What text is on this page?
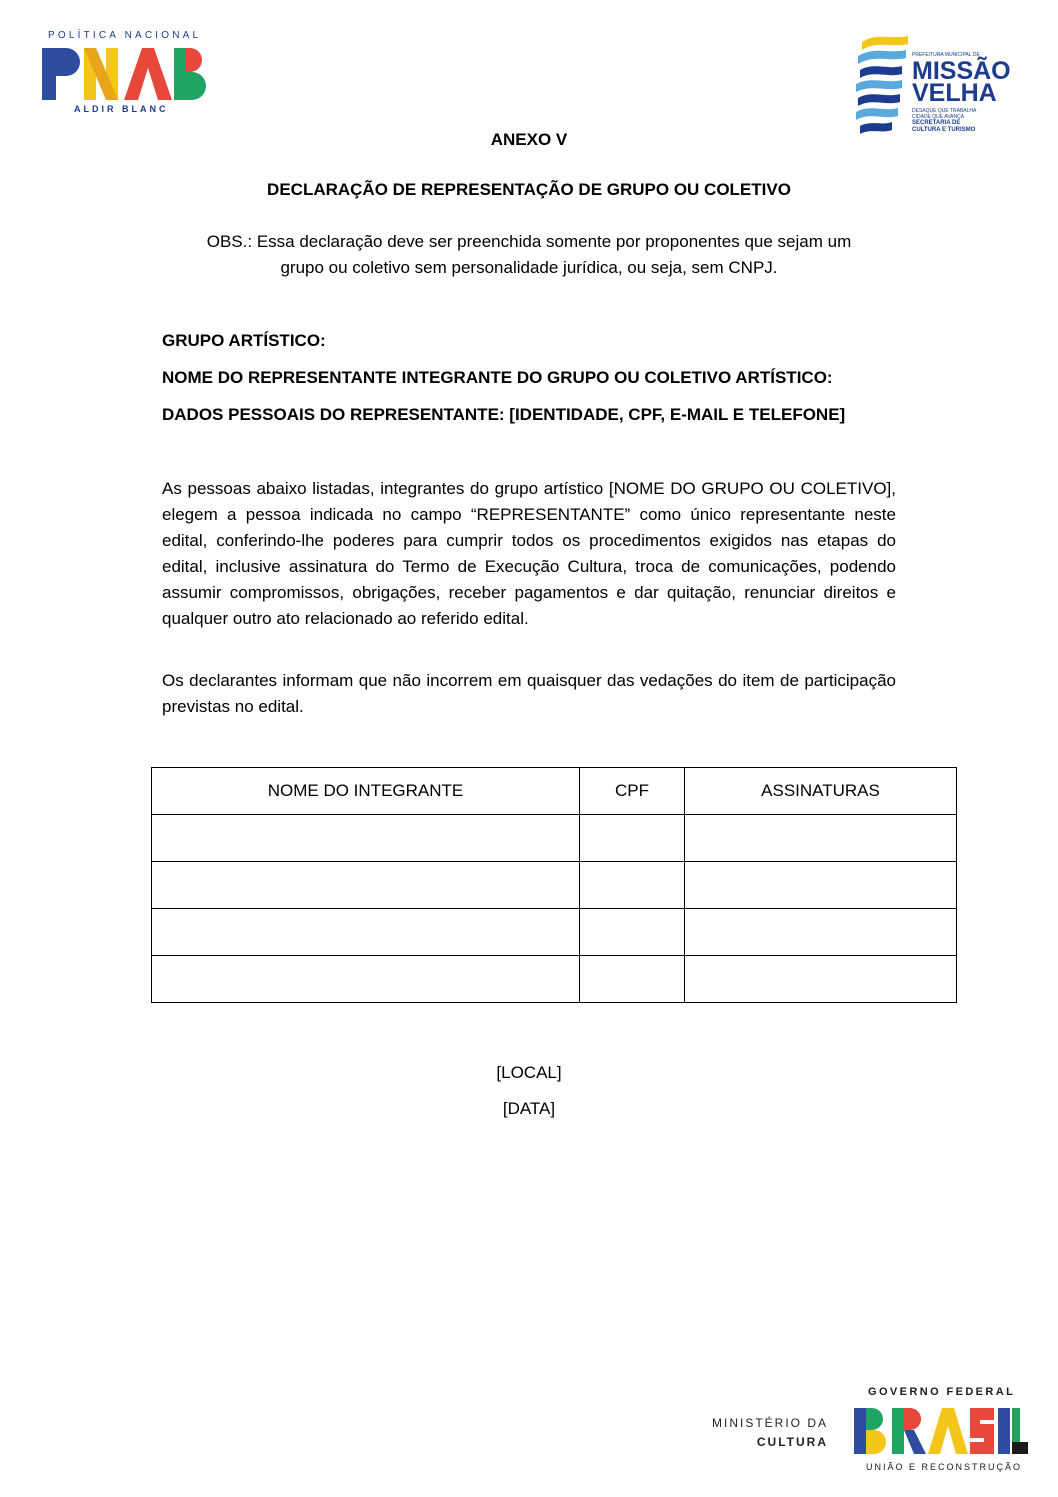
POLÍTICA NACIONAL
ALDIR BLANC
PREFEITURA MUNICIPAL DE
MISSÃO
VELHA
DESAQUE QUE TRABALHA
CIDADE QUE AVANÇA
SECRETARIA DE
CULTURA E TURISMO
ANEXO V
DECLARAÇÃO DE REPRESENTAÇÃO DE GRUPO OU COLETIVO
OBS.: Essa declaração deve ser preenchida somente por proponentes que sejam um
grupo ou coletivo sem personalidade jurídica, ou seja, sem CNPJ.
GRUPO ARTÍSTICO:
NOME DO REPRESENTANTE INTEGRANTE DO GRUPO OU COLETIVO ARTÍSTICO:
DADOS PESSOAIS DO REPRESENTANTE: [IDENTIDADE, CPF, E-MAIL E TELEFONE]
As pessoas abaixo listadas, integrantes do grupo artístico [NOME DO GRUPO OU COLETIVO], elegem a pessoa indicada no campo “REPRESENTANTE” como único representante neste edital, conferindo-lhe poderes para cumprir todos os procedimentos exigidos nas etapas do edital, inclusive assinatura do Termo de Execução Cultura, troca de comunicações, podendo assumir compromissos, obrigações, receber pagamentos e dar quitação, renunciar direitos e qualquer outro ato relacionado ao referido edital.
Os declarantes informam que não incorrem em quaisquer das vedações do item de participação previstas no edital.
NOME DO INTEGRANTE	CPF	ASSINATURAS

[LOCAL]
[DATA]
MINISTÉRIO DA
CULTURA
GOVERNO FEDERAL
UNIÃO E RECONSTRUÇÃO
